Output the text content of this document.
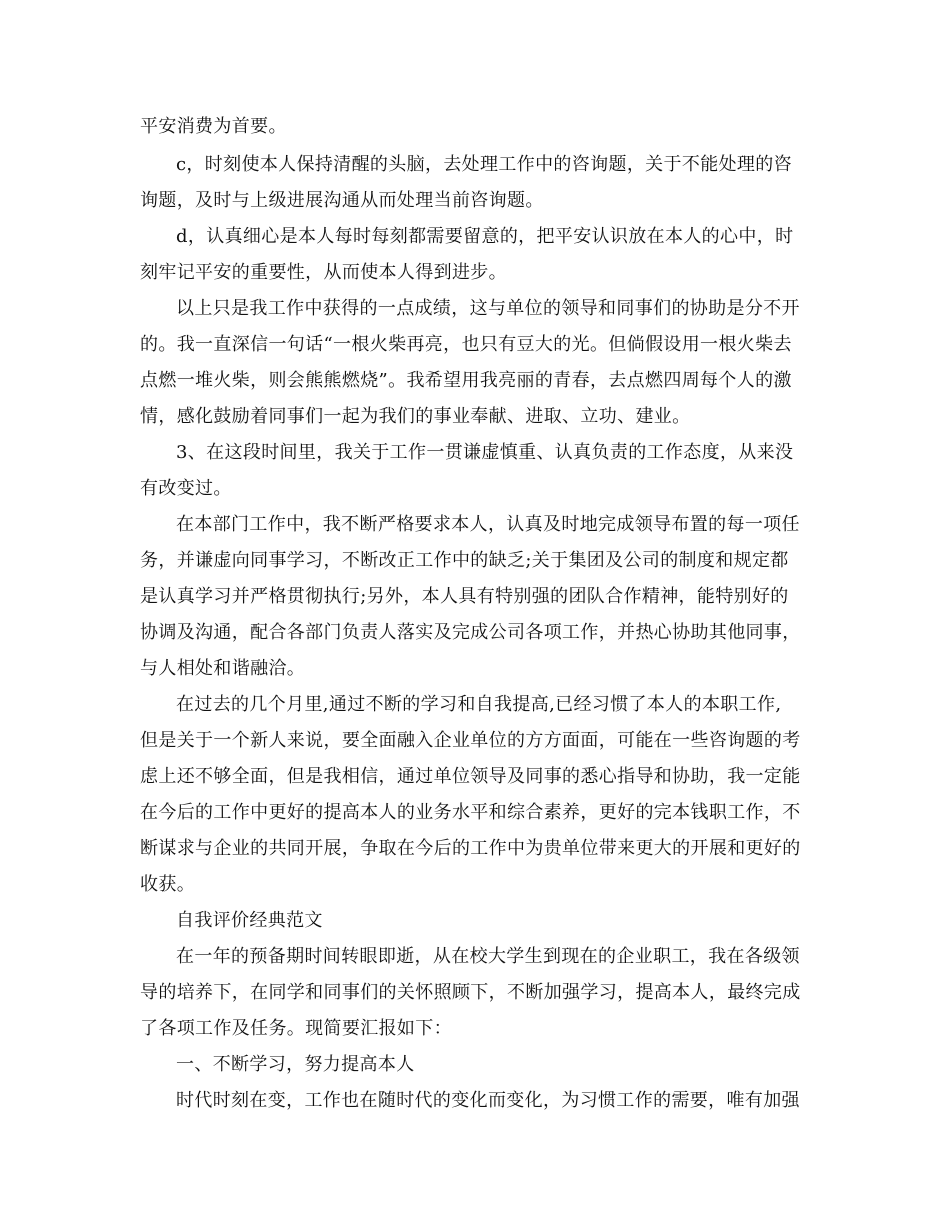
平安消费为首要。
c，时刻使本人保持清醒的头脑，去处理工作中的咨询题，关于不能处理的咨
询题，及时与上级进展沟通从而处理当前咨询题。
d，认真细心是本人每时每刻都需要留意的，把平安认识放在本人的心中，时
刻牢记平安的重要性，从而使本人得到进步。
以上只是我工作中获得的一点成绩，这与单位的领导和同事们的协助是分不开
的。我一直深信一句话“一根火柴再亮，也只有豆大的光。但倘假设用一根火柴去
点燃一堆火柴，则会熊熊燃烧”。我希望用我亮丽的青春，去点燃四周每个人的激
情，感化鼓励着同事们一起为我们的事业奉献、进取、立功、建业。
3、在这段时间里，我关于工作一贯谦虚慎重、认真负责的工作态度，从来没
有改变过。
在本部门工作中，我不断严格要求本人，认真及时地完成领导布置的每一项任
务，并谦虚向同事学习，不断改正工作中的缺乏;关于集团及公司的制度和规定都
是认真学习并严格贯彻执行;另外，本人具有特别强的团队合作精神，能特别好的
协调及沟通，配合各部门负责人落实及完成公司各项工作，并热心协助其他同事，
与人相处和谐融洽。
在过去的几个月里,通过不断的学习和自我提高,已经习惯了本人的本职工作,
但是关于一个新人来说，要全面融入企业单位的方方面面，可能在一些咨询题的考
虑上还不够全面，但是我相信，通过单位领导及同事的悉心指导和协助，我一定能
在今后的工作中更好的提高本人的业务水平和综合素养，更好的完本钱职工作，不
断谋求与企业的共同开展，争取在今后的工作中为贵单位带来更大的开展和更好的
收获。
自我评价经典范文
在一年的预备期时间转眼即逝，从在校大学生到现在的企业职工，我在各级领
导的培养下，在同学和同事们的关怀照顾下，不断加强学习，提高本人，最终完成
了各项工作及任务。现简要汇报如下：
一、不断学习，努力提高本人
时代时刻在变，工作也在随时代的变化而变化，为习惯工作的需要，唯有加强
